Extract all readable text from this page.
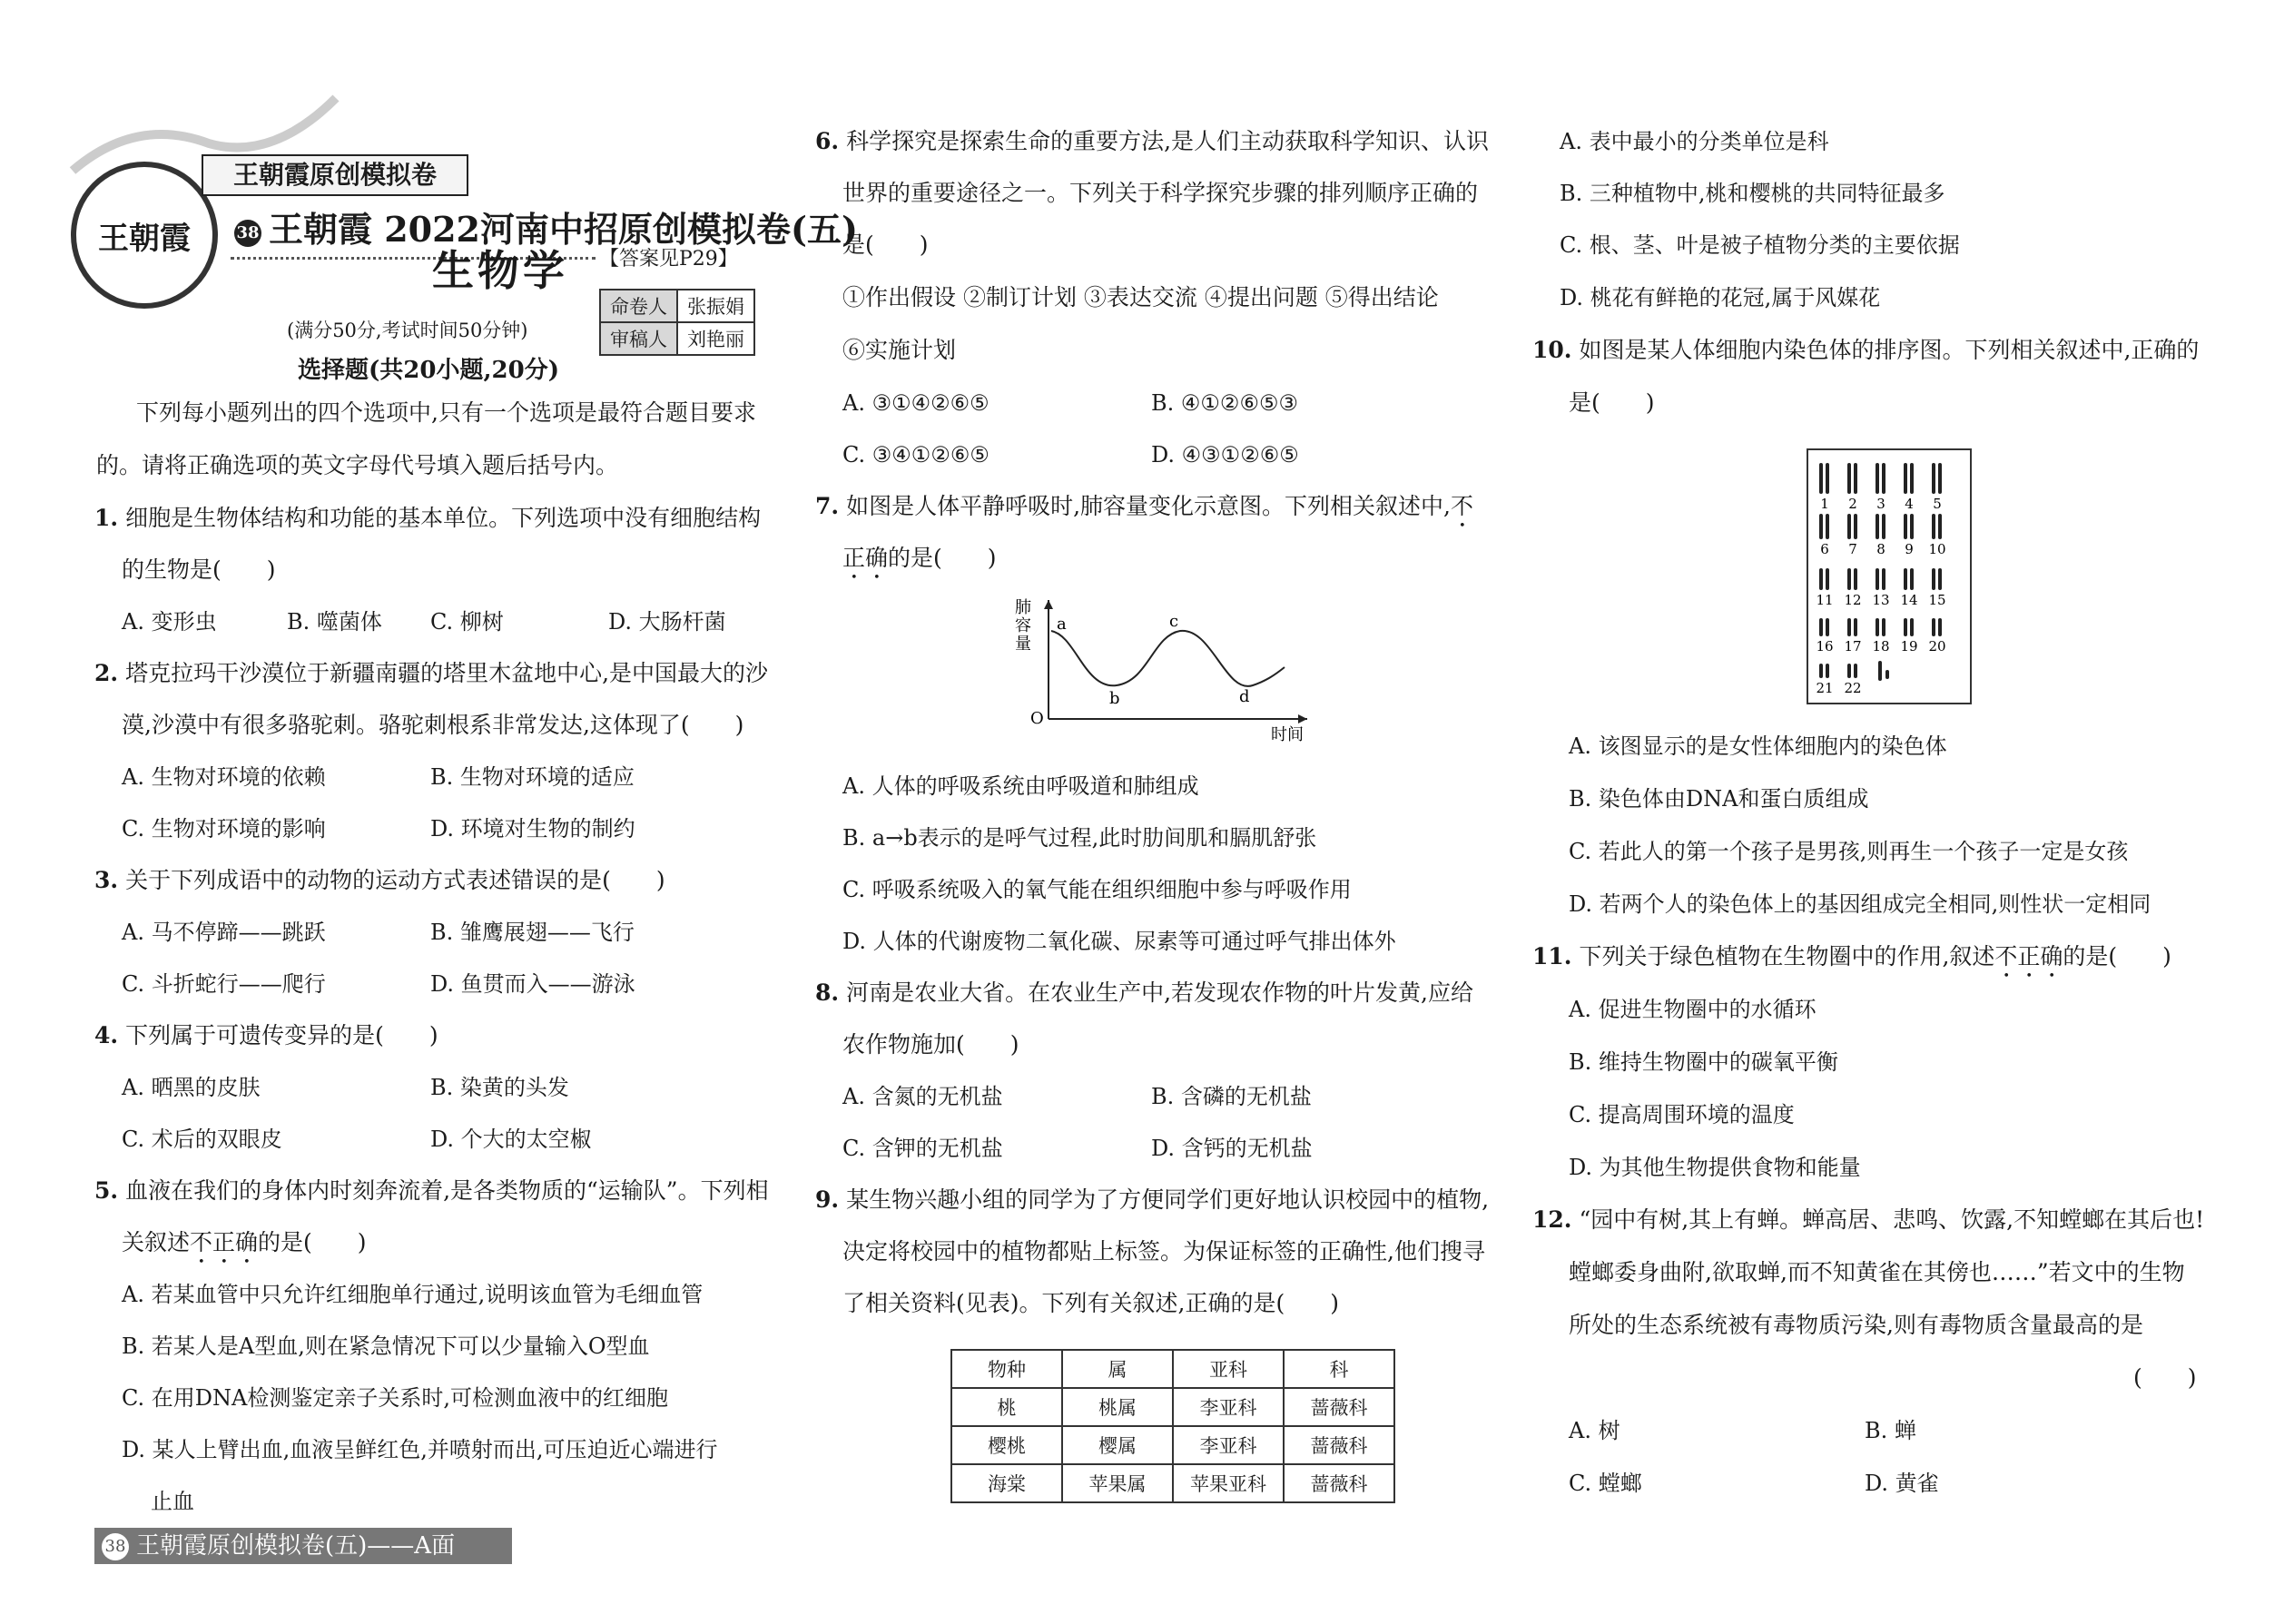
王朝霞
王朝霞原创模拟卷
38 王朝霞 2022河南中招原创模拟卷(五)
生物学 【答案见P29】
命卷人	张振娟
审稿人	刘艳丽
(满分50分,考试时间50分钟)
选择题(共20小题,20分)
下列每小题列出的四个选项中,只有一个选项是最符合题目要求
的。请将正确选项的英文字母代号填入题后括号内。
1. 细胞是生物体结构和功能的基本单位。下列选项中没有细胞结构
的生物是(　　)
A. 变形虫	B. 噬菌体 C. 柳树	D. 大肠杆菌
2. 塔克拉玛干沙漠位于新疆南疆的塔里木盆地中心,是中国最大的沙
漠,沙漠中有很多骆驼刺。骆驼刺根系非常发达,这体现了(　　)
A. 生物对环境的依赖	B. 生物对环境的适应
C. 生物对环境的影响	D. 环境对生物的制约
3. 关于下列成语中的动物的运动方式表述错误的是(　　)
A. 马不停蹄——跳跃	B. 雏鹰展翅——飞行
C. 斗折蛇行——爬行	D. 鱼贯而入——游泳
4. 下列属于可遗传变异的是(　　)
A. 晒黑的皮肤	B. 染黄的头发
C. 术后的双眼皮	D. 个大的太空椒
5. 血液在我们的身体内时刻奔流着,是各类物质的“运输队”。下列相
关叙述不正确的是(　　)
A. 若某血管中只允许红细胞单行通过,说明该血管为毛细血管
B. 若某人是A型血,则在紧急情况下可以少量输入O型血
C. 在用DNA检测鉴定亲子关系时,可检测血液中的红细胞
D. 某人上臂出血,血液呈鲜红色,并喷射而出,可压迫近心端进行
止血
6. 科学探究是探索生命的重要方法,是人们主动获取科学知识、认识
世界的重要途径之一。下列关于科学探究步骤的排列顺序正确的
是(　　)
①作出假设 ②制订计划 ③表达交流 ④提出问题 ⑤得出结论
⑥实施计划
A. ③①④②⑥⑤	B. ④①②⑥⑤③
C. ③④①②⑥⑤	D. ④③①②⑥⑤
7. 如图是人体平静呼吸时,肺容量变化示意图。下列相关叙述中,不
正确的是(　　)
肺
容
量
O
时间
a
b
c
d
A. 人体的呼吸系统由呼吸道和肺组成
B. a→b表示的是呼气过程,此时肋间肌和膈肌舒张
C. 呼吸系统吸入的氧气能在组织细胞中参与呼吸作用
D. 人体的代谢废物二氧化碳、尿素等可通过呼气排出体外
8. 河南是农业大省。在农业生产中,若发现农作物的叶片发黄,应给
农作物施加(　　)
A. 含氮的无机盐	B. 含磷的无机盐
C. 含钾的无机盐	D. 含钙的无机盐
9. 某生物兴趣小组的同学为了方便同学们更好地认识校园中的植物,
决定将校园中的植物都贴上标签。为保证标签的正确性,他们搜寻
了相关资料(见表)。下列有关叙述,正确的是(　　)
物种	属	亚科	科
桃	桃属	李亚科	蔷薇科
樱桃	樱属	李亚科	蔷薇科
海棠	苹果属	苹果亚科	蔷薇科
A. 表中最小的分类单位是科
B. 三种植物中,桃和樱桃的共同特征最多
C. 根、茎、叶是被子植物分类的主要依据
D. 桃花有鲜艳的花冠,属于风媒花
10. 如图是某人体细胞内染色体的排序图。下列相关叙述中,正确的
是(　　)
1 2 3 4 5
6 7 8 9 10
11 12 13 14 15
16 17 18 19 20
21 22
A. 该图显示的是女性体细胞内的染色体
B. 染色体由DNA和蛋白质组成
C. 若此人的第一个孩子是男孩,则再生一个孩子一定是女孩
D. 若两个人的染色体上的基因组成完全相同,则性状一定相同
11. 下列关于绿色植物在生物圈中的作用,叙述不正确的是(　　)
A. 促进生物圈中的水循环
B. 维持生物圈中的碳氧平衡
C. 提高周围环境的温度
D. 为其他生物提供食物和能量
12. “园中有树,其上有蝉。蝉高居、悲鸣、饮露,不知螳螂在其后也!
螳螂委身曲附,欲取蝉,而不知黄雀在其傍也……”若文中的生物
所处的生态系统被有毒物质污染,则有毒物质含量最高的是
(　　)
A. 树	B. 蝉
C. 螳螂	D. 黄雀
38 王朝霞原创模拟卷(五)——A面
